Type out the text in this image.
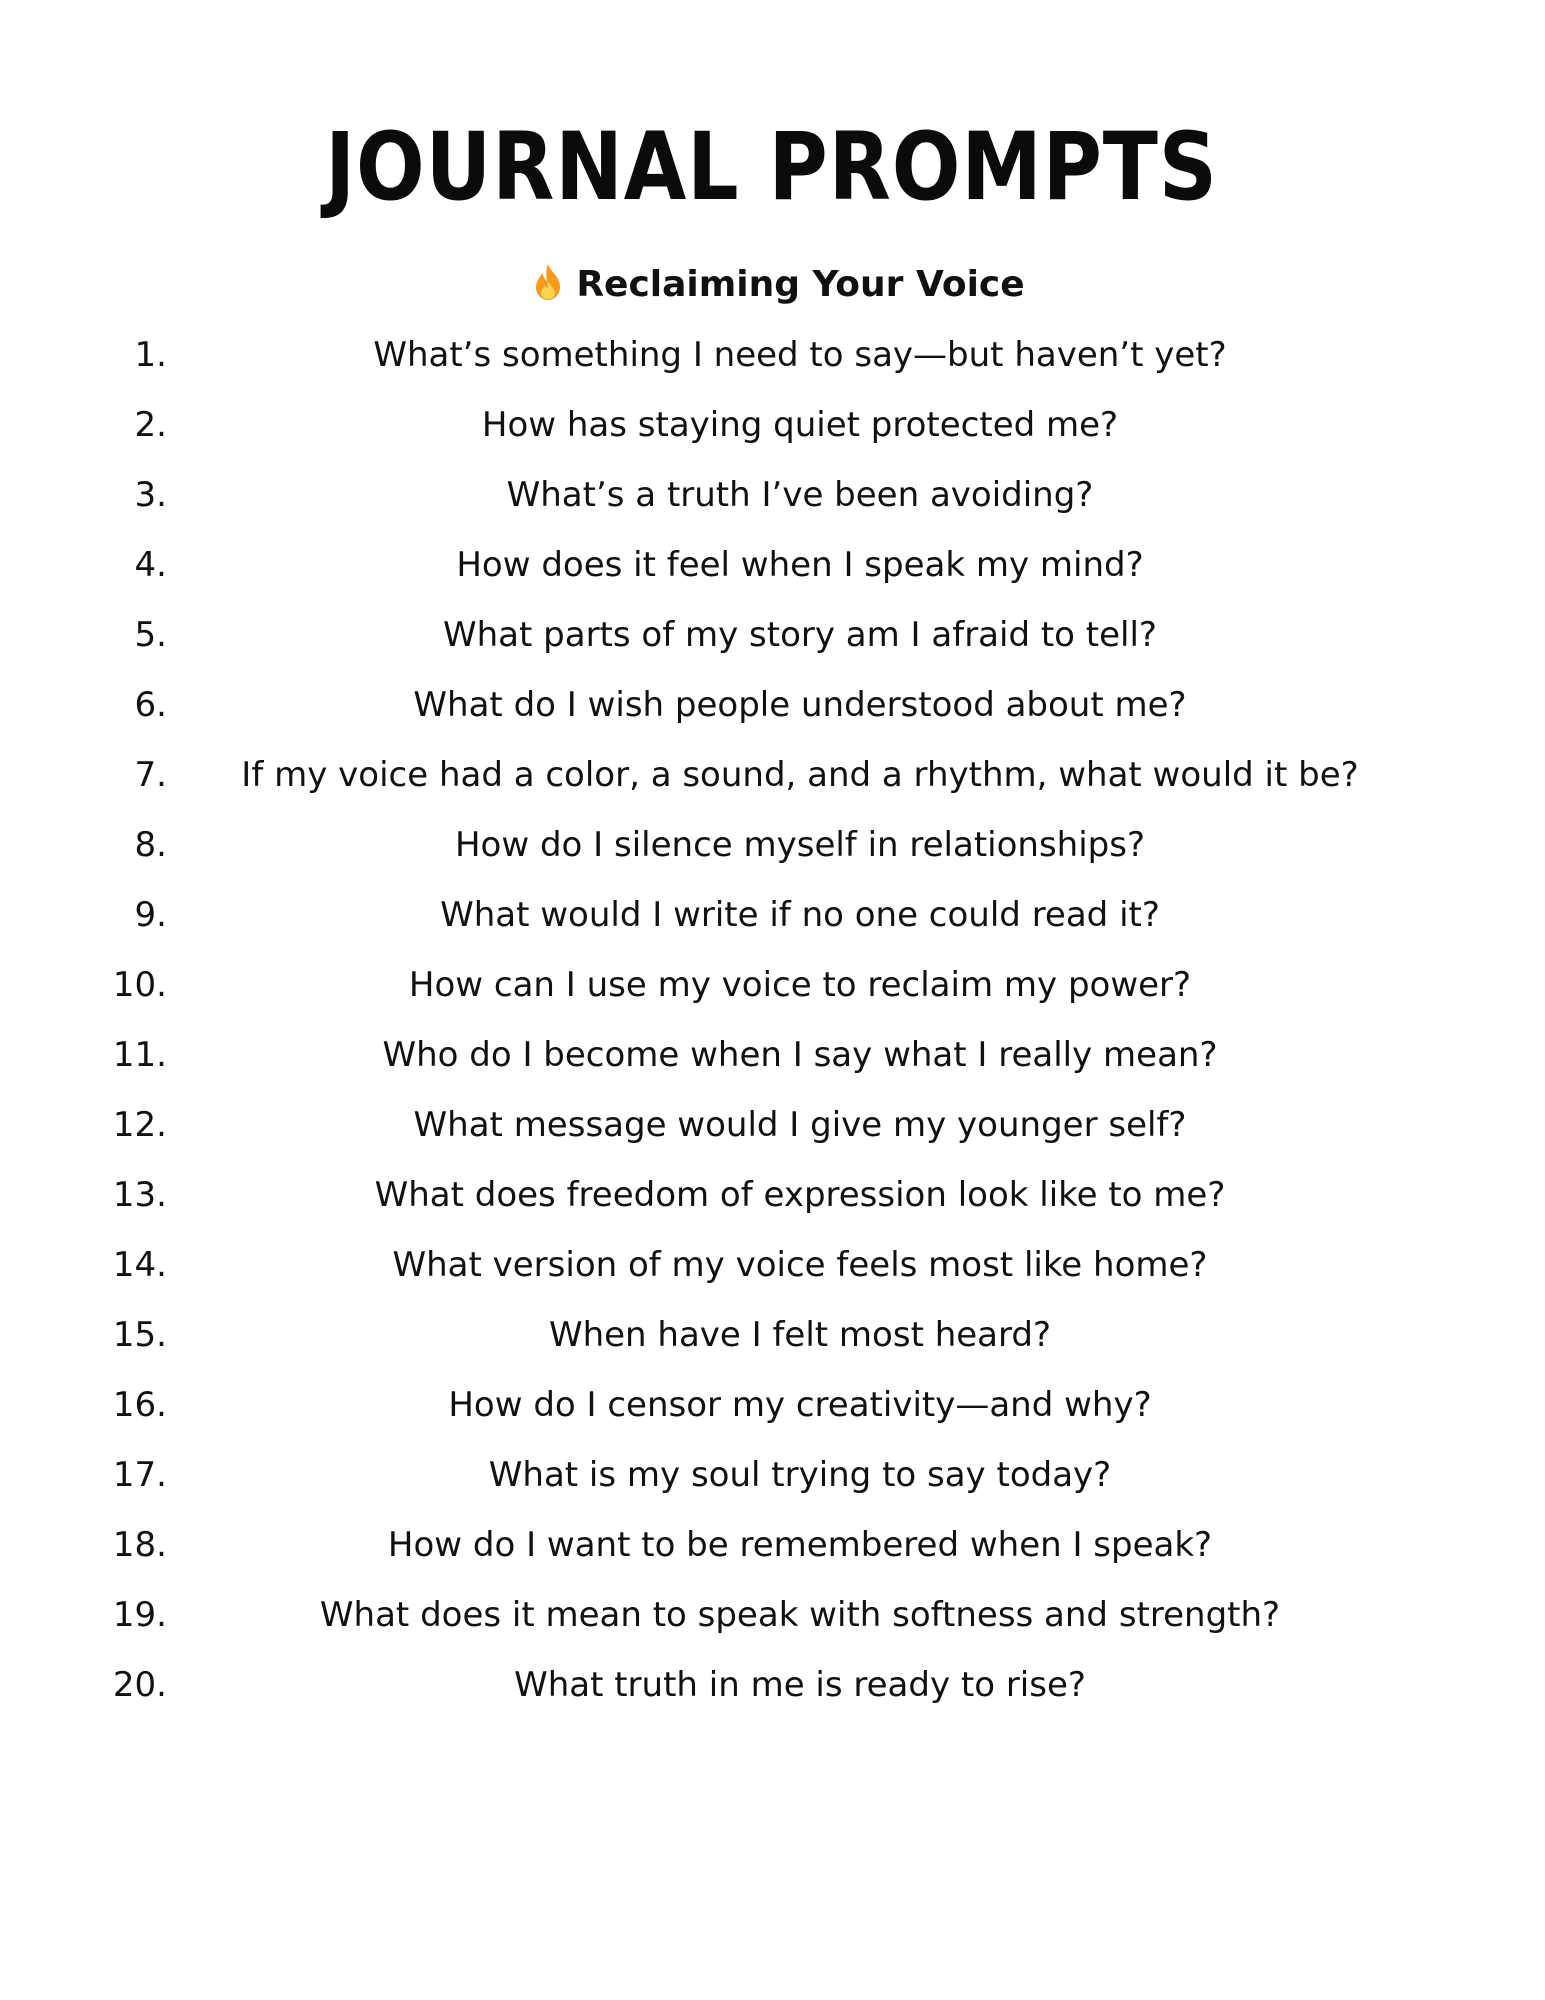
JOURNAL PROMPTS
Reclaiming Your Voice
1.	What’s something I need to say—but haven’t yet?
2.	How has staying quiet protected me?
3.	What’s a truth I’ve been avoiding?
4.	How does it feel when I speak my mind?
5.	What parts of my story am I afraid to tell?
6.	What do I wish people understood about me?
7.	If my voice had a color, a sound, and a rhythm, what would it be?
8.	How do I silence myself in relationships?
9.	What would I write if no one could read it?
10.	How can I use my voice to reclaim my power?
11.	Who do I become when I say what I really mean?
12.	What message would I give my younger self?
13.	What does freedom of expression look like to me?
14.	What version of my voice feels most like home?
15.	When have I felt most heard?
16.	How do I censor my creativity—and why?
17.	What is my soul trying to say today?
18.	How do I want to be remembered when I speak?
19.	What does it mean to speak with softness and strength?
20.	What truth in me is ready to rise?
